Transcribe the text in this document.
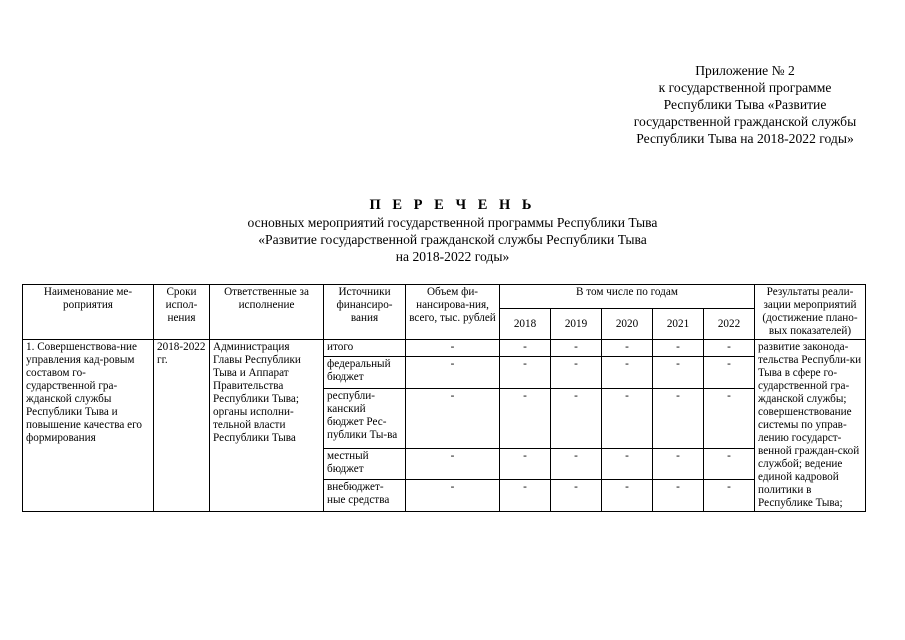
Приложение № 2
к государственной программе
Республики Тыва «Развитие
государственной гражданской службы
Республики Тыва на 2018-2022 годы»
П Е Р Е Ч Е Н Ь
основных мероприятий государственной программы Республики Тыва
«Развитие государственной гражданской службы Республики Тыва
на 2018-2022 годы»
Наименование ме-роприятия	Сроки испол-нения	Ответственные за исполнение	Источники финансиро-вания	Объем фи-нансирова-ния, всего, тыс. рублей	В том числе по годам					Результаты реали-зации мероприятий (достижение плано-вых показателей)
					2018	2019	2020	2021	2022	
1. Совершенствова-ние управления кад-ровым составом го-сударственной гра-жданской службы Республики Тыва и повышение качества его формирования	2018-2022 гг.	Администрация Главы Республики Тыва и Аппарат Правительства Республики Тыва; органы исполни-тельной власти Республики Тыва	итого	-	-	-	-	-	-	развитие законода-тельства Республи-ки Тыва в сфере го-сударственной гра-жданской службы; совершенствование системы по управ-лению государст-венной граждан-ской службой; ведение единой кадровой политики в Республике Тыва;
			федеральный бюджет	-	-	-	-	-	-	
			республи-канский бюджет Рес-публики Ты-ва	-	-	-	-	-	-	
			местный бюджет	-	-	-	-	-	-	
			внебюджет-ные средства	-	-	-	-	-	-	
